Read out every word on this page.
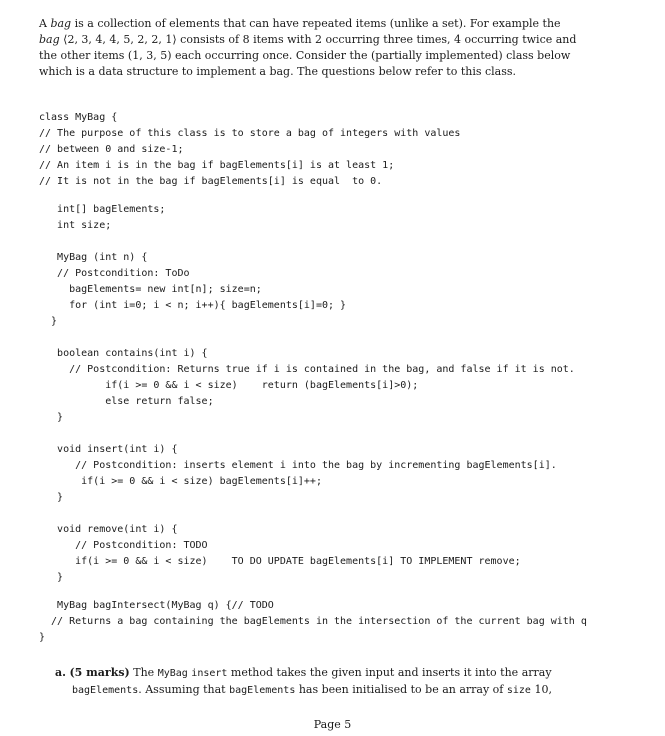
A bag is a collection of elements that can have repeated items (unlike a set). For example the
bag ⟨2, 3, 4, 4, 5, 2, 2, 1⟩ consists of 8 items with 2 occurring three times, 4 occurring twice and
the other items (1, 3, 5) each occurring once. Consider the (partially implemented) class below
which is a data structure to implement a bag. The questions below refer to this class.
class MyBag {
// The purpose of this class is to store a bag of integers with values
// between 0 and size-1;
// An item i is in the bag if bagElements[i] is at least 1;
// It is not in the bag if bagElements[i] is equal  to 0.
int[] bagElements;
int size;
MyBag (int n) {
// Postcondition: ToDo
bagElements= new int[n]; size=n;
for (int i=0; i < n; i++){ bagElements[i]=0; }
}
boolean contains(int i) {
// Postcondition: Returns true if i is contained in the bag, and false if it is not.
if(i >= 0 && i < size)    return (bagElements[i]>0);
else return false;
}
void insert(int i) {
// Postcondition: inserts element i into the bag by incrementing bagElements[i].
if(i >= 0 && i < size) bagElements[i]++;
}
void remove(int i) {
// Postcondition: TODO
if(i >= 0 && i < size)    TO DO UPDATE bagElements[i] TO IMPLEMENT remove;
}
MyBag bagIntersect(MyBag q) {// TODO
// Returns a bag containing the bagElements in the intersection of the current bag with q
}
a. (5 marks) The MyBag insert method takes the given input and inserts it into the array
bagElements. Assuming that bagElements has been initialised to be an array of size 10,
Page 5
